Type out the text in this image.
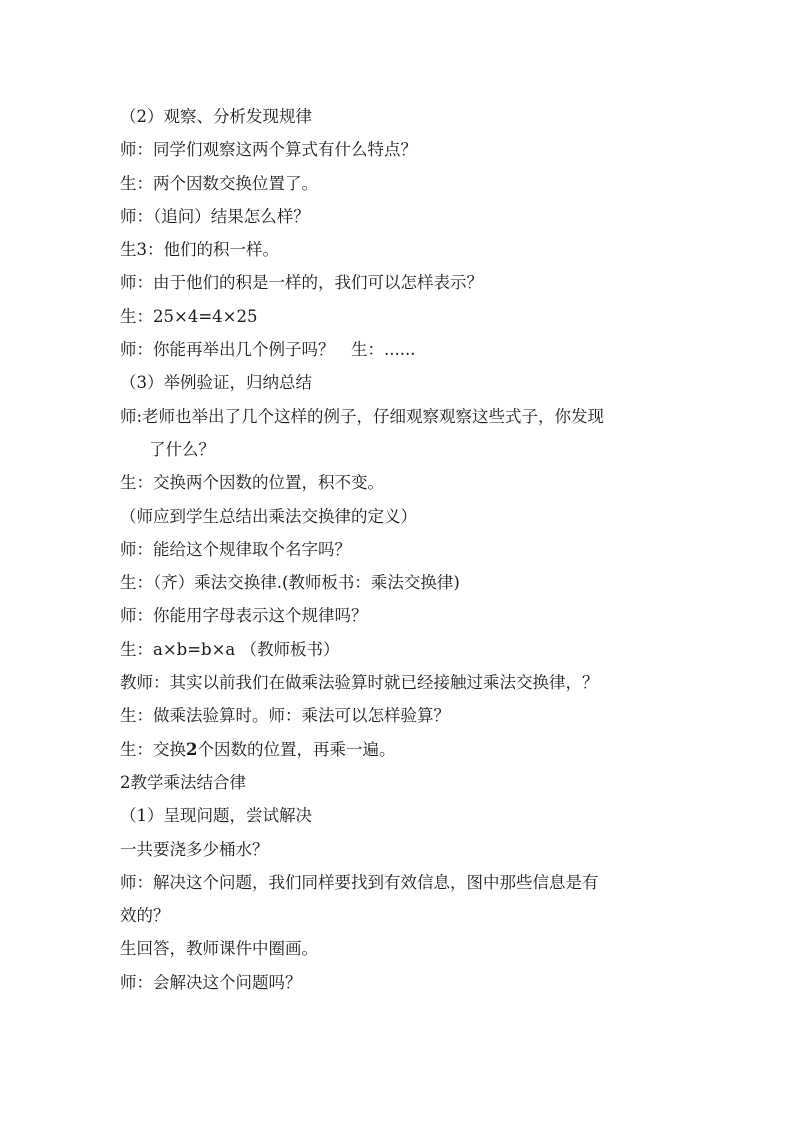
（2）观察、分析发现规律
师：同学们观察这两个算式有什么特点？
生：两个因数交换位置了。
师：（追问）结果怎么样？
生3：他们的积一样。
师：由于他们的积是一样的，我们可以怎样表示？
生：25×4=4×25
师：你能再举出几个例子吗？　生：......
（3）举例验证，归纳总结
师:老师也举出了几个这样的例子，仔细观察观察这些式子，你发现
了什么？
生：交换两个因数的位置，积不变。
（师应到学生总结出乘法交换律的定义）
师：能给这个规律取个名字吗？
生：（齐）乘法交换律.(教师板书：乘法交换律)
师：你能用字母表示这个规律吗？
生：a×b=b×a （教师板书）
教师：其实以前我们在做乘法验算时就已经接触过乘法交换律，？
生：做乘法验算时。师：乘法可以怎样验算？
生：交换2个因数的位置，再乘一遍。
2教学乘法结合律
（1）呈现问题，尝试解决
一共要浇多少桶水？
师：解决这个问题，我们同样要找到有效信息，图中那些信息是有
效的？
生回答，教师课件中圈画。
师：会解决这个问题吗？
